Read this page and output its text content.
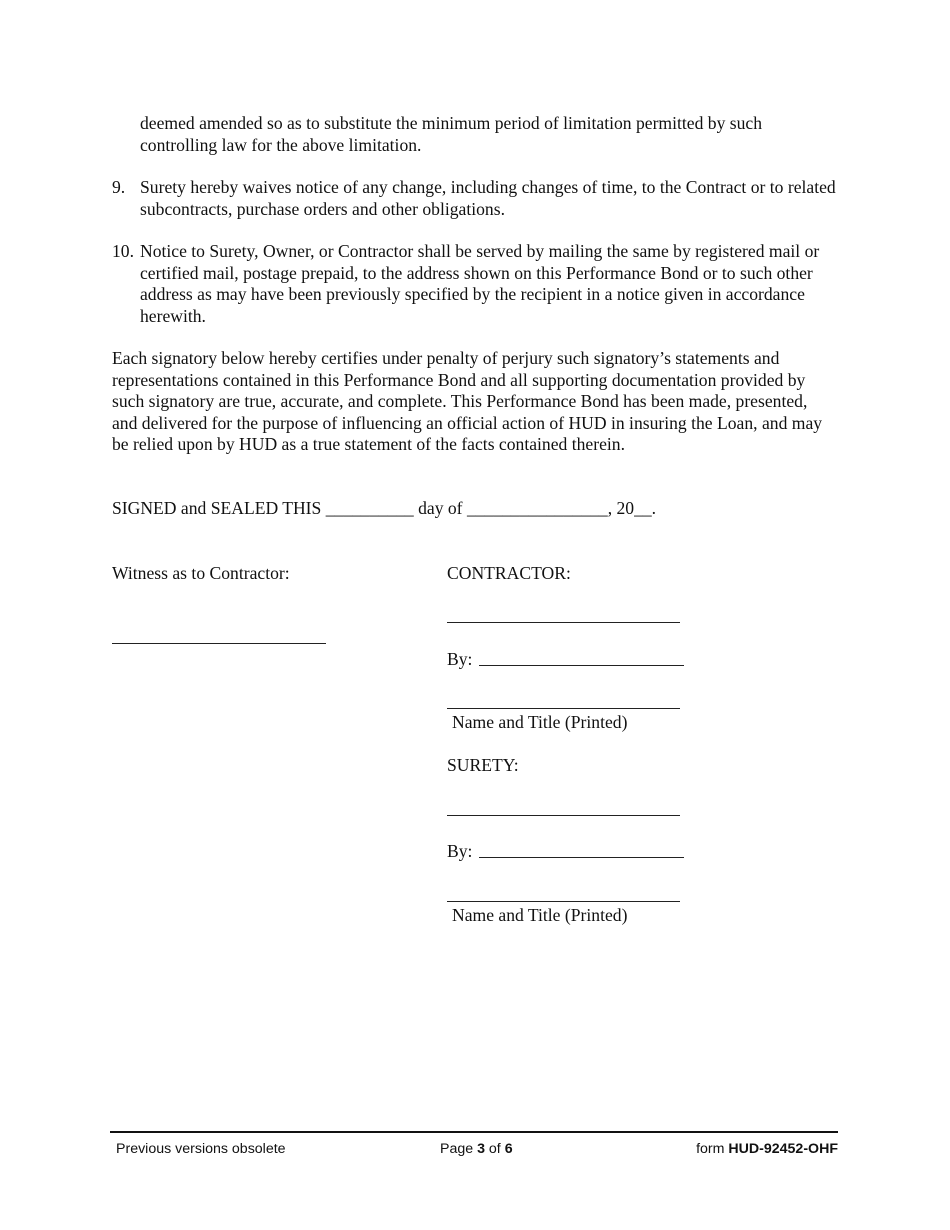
deemed amended so as to substitute the minimum period of limitation permitted by such controlling law for the above limitation.
9. Surety hereby waives notice of any change, including changes of time, to the Contract or to related subcontracts, purchase orders and other obligations.
10. Notice to Surety, Owner, or Contractor shall be served by mailing the same by registered mail or certified mail, postage prepaid, to the address shown on this Performance Bond or to such other address as may have been previously specified by the recipient in a notice given in accordance herewith.
Each signatory below hereby certifies under penalty of perjury such signatory’s statements and representations contained in this Performance Bond and all supporting documentation provided by such signatory are true, accurate, and complete. This Performance Bond has been made, presented, and delivered for the purpose of influencing an official action of HUD in insuring the Loan, and may be relied upon by HUD as a true statement of the facts contained therein.
SIGNED and SEALED THIS __________ day of ________________, 20__.
Witness as to Contractor:	CONTRACTOR:
By:
Name and Title (Printed)
SURETY:
By:
Name and Title (Printed)
Previous versions obsolete	Page 3 of 6	form HUD-92452-OHF
